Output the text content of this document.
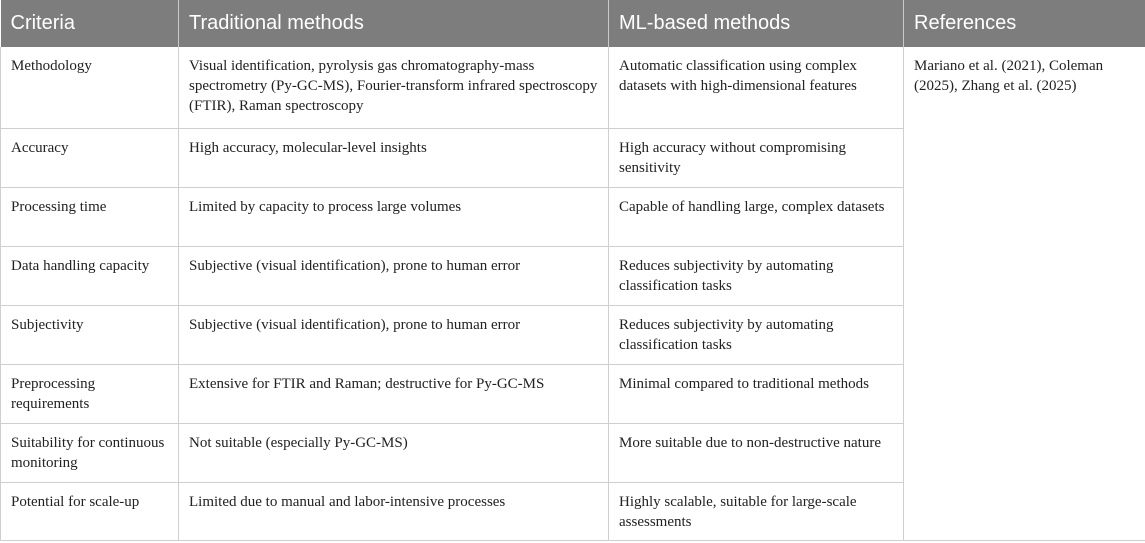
Criteria	Traditional methods	ML-based methods	References
Methodology	Visual identification, pyrolysis gas chromatography-mass spectrometry (Py-GC-MS), Fourier-transform infrared spectroscopy (FTIR), Raman spectroscopy	Automatic classification using complex datasets with high-dimensional features	Mariano et al. (2021), Coleman (2025), Zhang et al. (2025)
Accuracy	High accuracy, molecular-level insights	High accuracy without compromising sensitivity	
Processing time	Limited by capacity to process large volumes	Capable of handling large, complex datasets	
Data handling capacity	Subjective (visual identification), prone to human error	Reduces subjectivity by automating classification tasks	
Subjectivity	Subjective (visual identification), prone to human error	Reduces subjectivity by automating classification tasks	
Preprocessing requirements	Extensive for FTIR and Raman; destructive for Py-GC-MS	Minimal compared to traditional methods	
Suitability for continuous monitoring	Not suitable (especially Py-GC-MS)	More suitable due to non-destructive nature	
Potential for scale-up	Limited due to manual and labor-intensive processes	Highly scalable, suitable for large-scale assessments	
